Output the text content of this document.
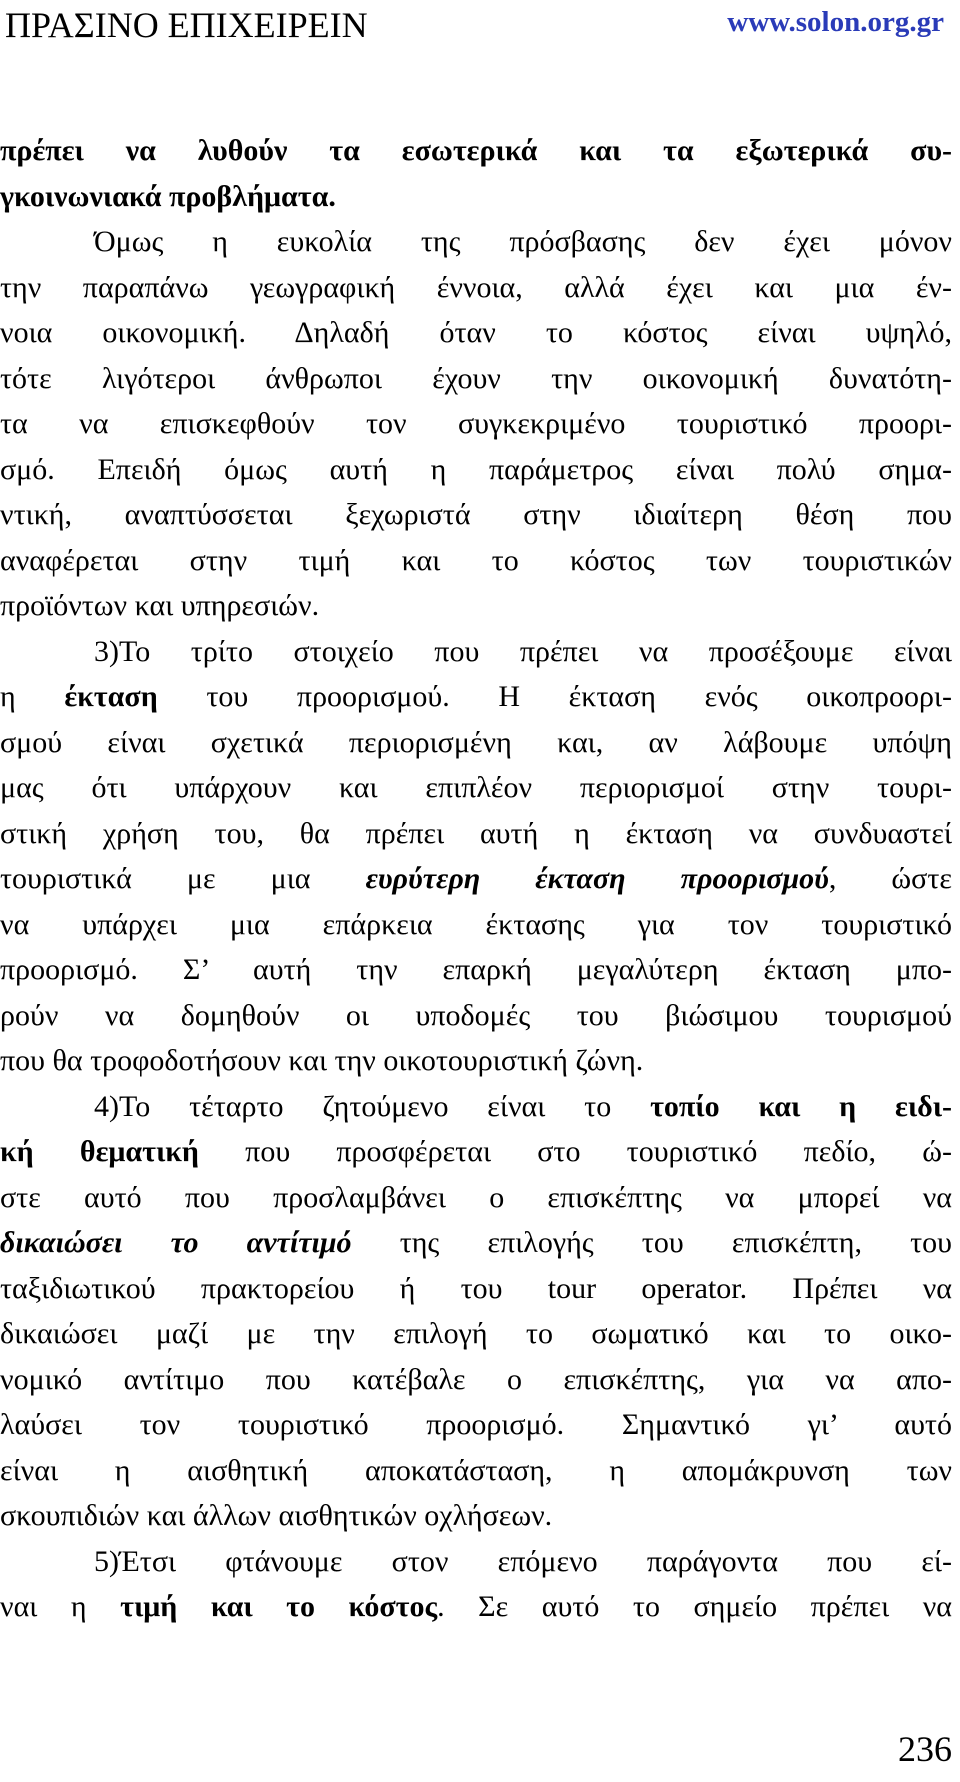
ΠΡΑΣΙΝΟ ΕΠΙΧΕΙΡΕΙΝ	www.solon.org.gr
πρέπει να λυθούν τα εσωτερικά και τα εξωτερικά συ-
γκοινωνιακά προβλήματα.
Όμως η ευκολία της πρόσβασης δεν έχει μόνον
την παραπάνω γεωγραφική έννοια, αλλά έχει και μια έν-
νοια οικονομική. Δηλαδή όταν το κόστος είναι υψηλό,
τότε λιγότεροι άνθρωποι έχουν την οικονομική δυνατότη-
τα να επισκεφθούν τον συγκεκριμένο τουριστικό προορι-
σμό. Επειδή όμως αυτή η παράμετρος είναι πολύ σημα-
ντική, αναπτύσσεται ξεχωριστά στην ιδιαίτερη θέση που
αναφέρεται στην τιμή και το κόστος των τουριστικών
προϊόντων και υπηρεσιών.
3)Το τρίτο στοιχείο που πρέπει να προσέξουμε είναι
η έκταση του προορισμού. Η έκταση ενός οικοπροορι-
σμού είναι σχετικά περιορισμένη και, αν λάβουμε υπόψη
μας ότι υπάρχουν και επιπλέον περιορισμοί στην τουρι-
στική χρήση του, θα πρέπει αυτή η έκταση να συνδυαστεί
τουριστικά με μια ευρύτερη έκταση προορισμού, ώστε
να υπάρχει μια επάρκεια έκτασης για τον τουριστικό
προορισμό. Σ’ αυτή την επαρκή μεγαλύτερη έκταση μπο-
ρούν να δομηθούν οι υποδομές του βιώσιμου τουρισμού
που θα τροφοδοτήσουν και την οικοτουριστική ζώνη.
4)Το τέταρτο ζητούμενο είναι το τοπίο και η ειδι-
κή θεματική που προσφέρεται στο τουριστικό πεδίο, ώ-
στε αυτό που προσλαμβάνει ο επισκέπτης να μπορεί να
δικαιώσει το αντίτιμό της επιλογής του επισκέπτη, του
ταξιδιωτικού πρακτορείου ή του tour operator. Πρέπει να
δικαιώσει μαζί με την επιλογή το σωματικό και το οικο-
νομικό αντίτιμο που κατέβαλε ο επισκέπτης, για να απο-
λαύσει τον τουριστικό προορισμό. Σημαντικό γι’ αυτό
είναι η αισθητική αποκατάσταση, η απομάκρυνση των
σκουπιδιών και άλλων αισθητικών οχλήσεων.
5)Έτσι φτάνουμε στον επόμενο παράγοντα που εί-
ναι η τιμή και το κόστος. Σε αυτό το σημείο πρέπει να
236
